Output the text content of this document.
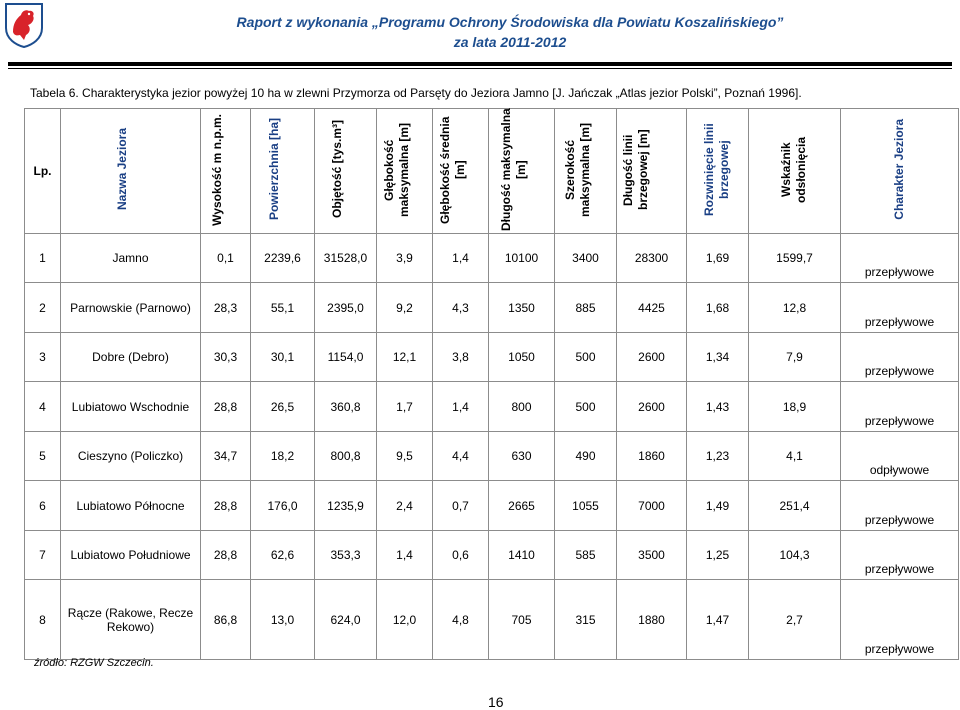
Raport z wykonania „Programu Ochrony Środowiska dla Powiatu Koszalińskiego”
za lata 2011-2012
Tabela 6. Charakterystyka jezior powyżej 10 ha w zlewni Przymorza od Parsęty do Jeziora Jamno [J. Jańczak „Atlas jezior Polski”, Poznań 1996].
Lp.	Nazwa Jeziora	Wysokość m n.p.m.	Powierzchnia [ha]	Objętość [tys.m³]	Głębokość maksymalna [m]	Głębokość średnia [m]	Długość maksymalna [m]	Szerokość maksymalna [m]	Długość linii brzegowej [m]	Rozwinięcie linii brzegowej	Wskaźnik odsłonięcia	Charakter Jeziora
1	Jamno	0,1	2239,6	31528,0	3,9	1,4	10100	3400	28300	1,69	1599,7	przepływowe
2	Parnowskie (Parnowo)	28,3	55,1	2395,0	9,2	4,3	1350	885	4425	1,68	12,8	przepływowe
3	Dobre (Debro)	30,3	30,1	1154,0	12,1	3,8	1050	500	2600	1,34	7,9	przepływowe
4	Lubiatowo Wschodnie	28,8	26,5	360,8	1,7	1,4	800	500	2600	1,43	18,9	przepływowe
5	Cieszyno (Policzko)	34,7	18,2	800,8	9,5	4,4	630	490	1860	1,23	4,1	odpływowe
6	Lubiatowo Północne	28,8	176,0	1235,9	2,4	0,7	2665	1055	7000	1,49	251,4	przepływowe
7	Lubiatowo Południowe	28,8	62,6	353,3	1,4	0,6	1410	585	3500	1,25	104,3	przepływowe
8	Rącze (Rakowe, Recze Rekowo)	86,8	13,0	624,0	12,0	4,8	705	315	1880	1,47	2,7	przepływowe
źródło: RZGW Szczecin.
16
